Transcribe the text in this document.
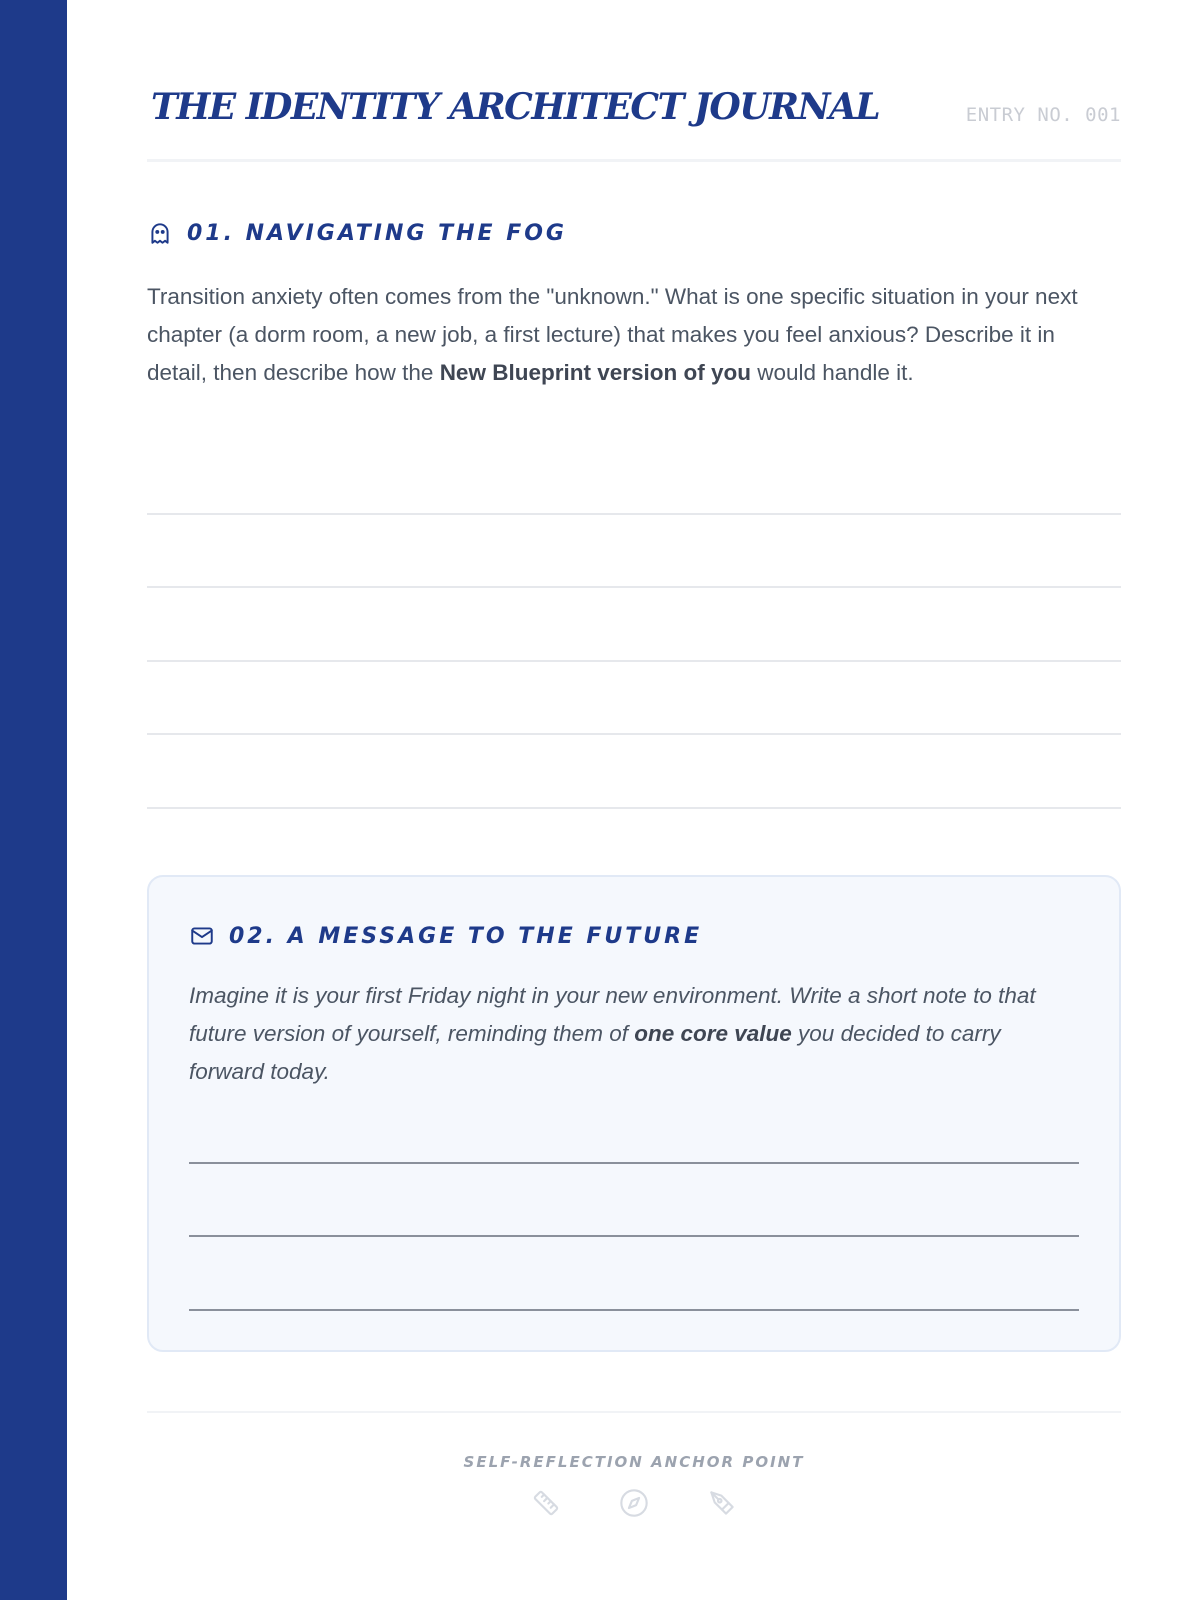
THE IDENTITY ARCHITECT JOURNAL	ENTRY NO. 001
01. NAVIGATING THE FOG

Transition anxiety often comes from the "unknown." What is one specific situation in your next chapter (a dorm room, a new job, a first lecture) that makes you feel anxious? Describe it in detail, then describe how the New Blueprint version of you would handle it.

02. A MESSAGE TO THE FUTURE

Imagine it is your first Friday night in your new environment. Write a short note to that future version of yourself, reminding them of one core value you decided to carry forward today.

SELF-REFLECTION ANCHOR POINT
